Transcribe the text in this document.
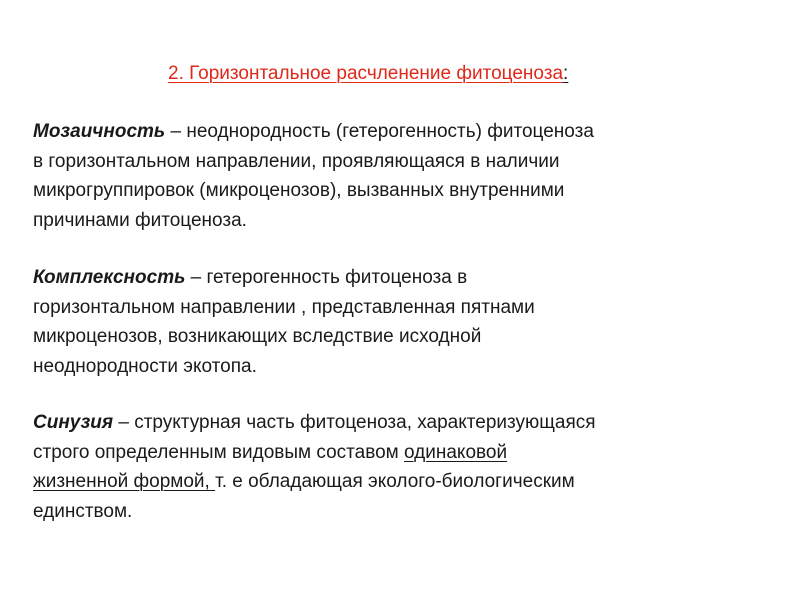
2. Горизонтальное расчленение фитоценоза:
Мозаичность – неоднородность (гетерогенность) фитоценоза
в горизонтальном направлении, проявляющаяся в наличии
микрогруппировок (микроценозов), вызванных внутренними
причинами фитоценоза.
Комплексность – гетерогенность фитоценоза в
горизонтальном направлении , представленная пятнами
микроценозов, возникающих вследствие исходной
неоднородности экотопа.
Синузия – структурная часть фитоценоза, характеризующаяся
строго определенным видовым составом одинаковой
жизненной формой, т. е обладающая эколого-биологическим
единством.
